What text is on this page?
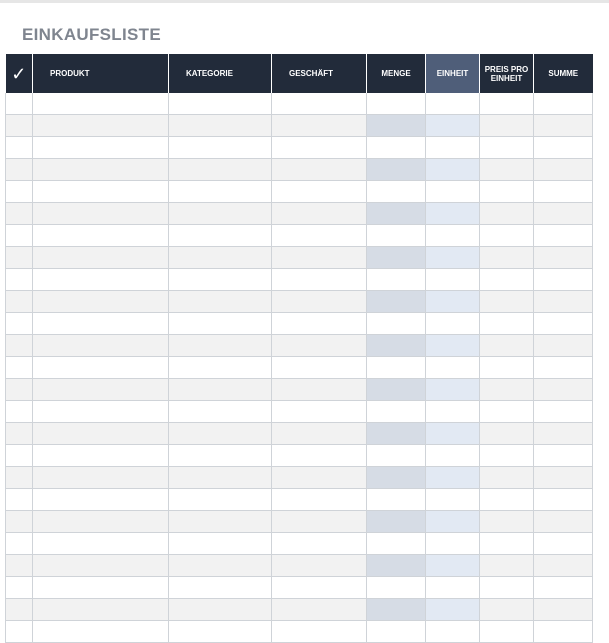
EINKAUFSLISTE
✓	PRODUKT	KATEGORIE	GESCHÄFT	MENGE	EINHEIT	PREIS PRO EINHEIT	SUMME
